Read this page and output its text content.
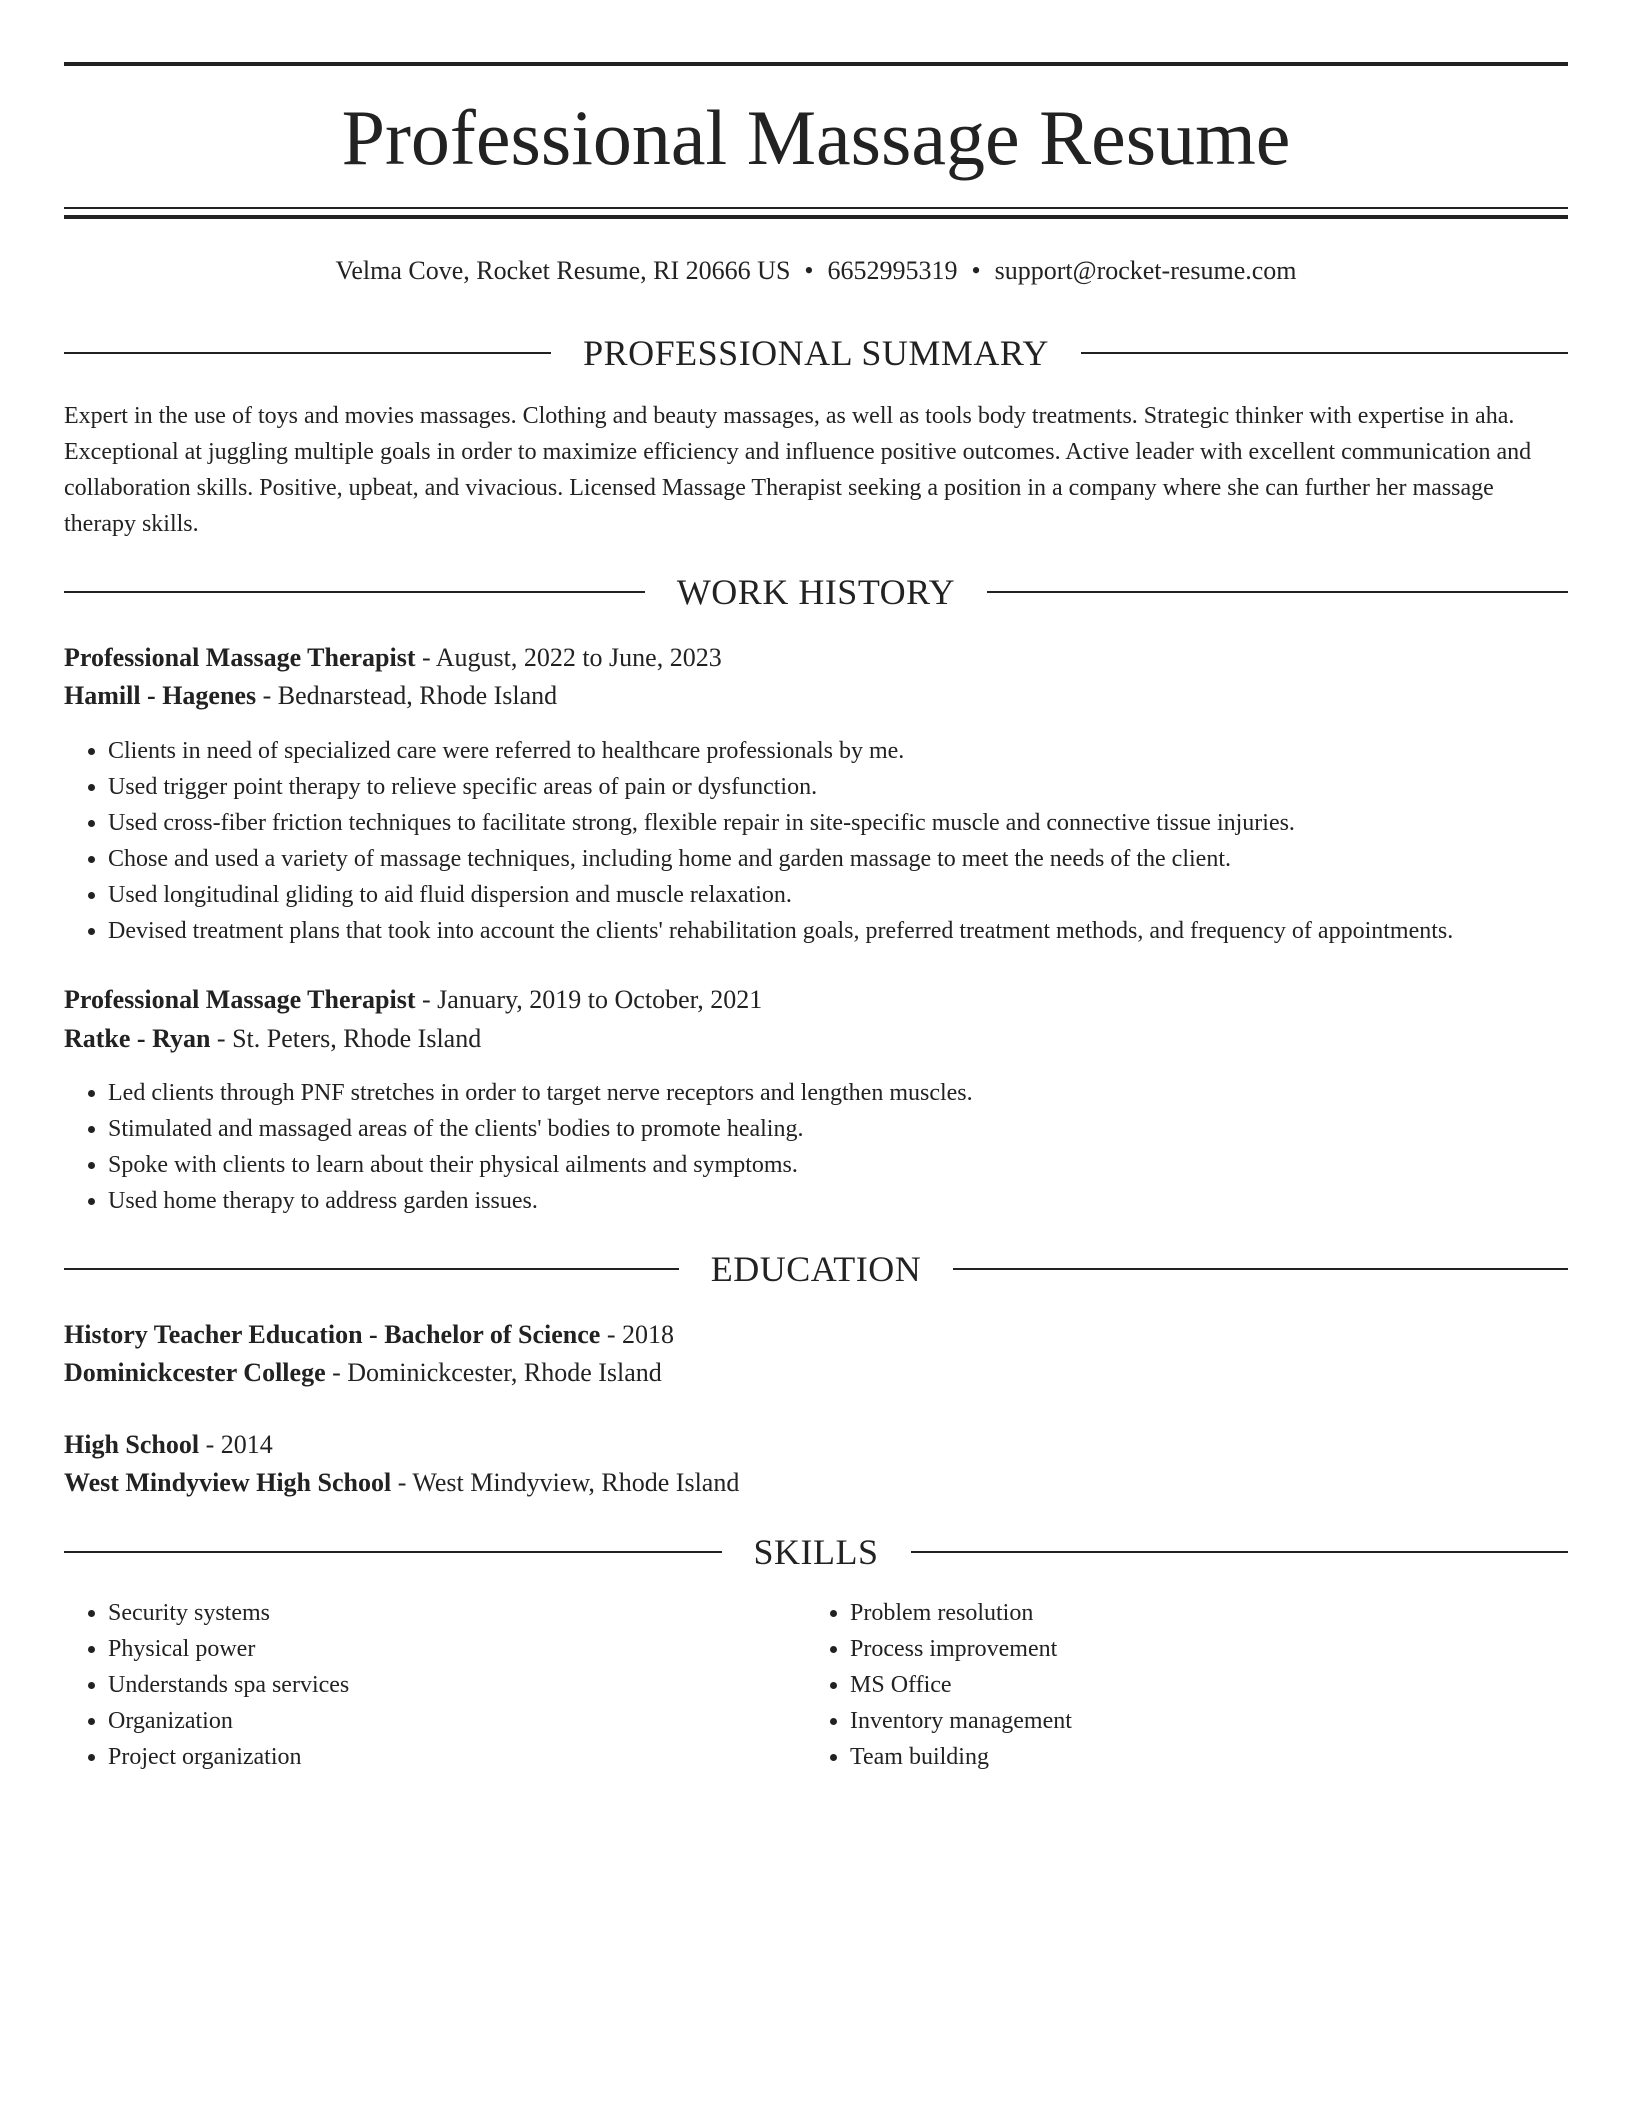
Professional Massage Resume
Velma Cove, Rocket Resume, RI 20666 US • 6652995319 • support@rocket-resume.com
PROFESSIONAL SUMMARY

Expert in the use of toys and movies massages. Clothing and beauty massages, as well as tools body treatments. Strategic thinker with expertise in aha. Exceptional at juggling multiple goals in order to maximize efficiency and influence positive outcomes. Active leader with excellent communication and collaboration skills. Positive, upbeat, and vivacious. Licensed Massage Therapist seeking a position in a company where she can further her massage therapy skills.

WORK HISTORY
Professional Massage Therapist - August, 2022 to June, 2023
Hamill - Hagenes - Bednarstead, Rhode Island
• Clients in need of specialized care were referred to healthcare professionals by me.
• Used trigger point therapy to relieve specific areas of pain or dysfunction.
• Used cross-fiber friction techniques to facilitate strong, flexible repair in site-specific muscle and connective tissue injuries.
• Chose and used a variety of massage techniques, including home and garden massage to meet the needs of the client.
• Used longitudinal gliding to aid fluid dispersion and muscle relaxation.
• Devised treatment plans that took into account the clients' rehabilitation goals, preferred treatment methods, and frequency of appointments.
Professional Massage Therapist - January, 2019 to October, 2021
Ratke - Ryan - St. Peters, Rhode Island
• Led clients through PNF stretches in order to target nerve receptors and lengthen muscles.
• Stimulated and massaged areas of the clients' bodies to promote healing.
• Spoke with clients to learn about their physical ailments and symptoms.
• Used home therapy to address garden issues.
EDUCATION
History Teacher Education - Bachelor of Science - 2018
Dominickcester College - Dominickcester, Rhode Island
High School - 2014
West Mindyview High School - West Mindyview, Rhode Island
SKILLS
• Security systems
• Physical power
• Understands spa services
• Organization
• Project organization
• Problem resolution
• Process improvement
• MS Office
• Inventory management
• Team building
